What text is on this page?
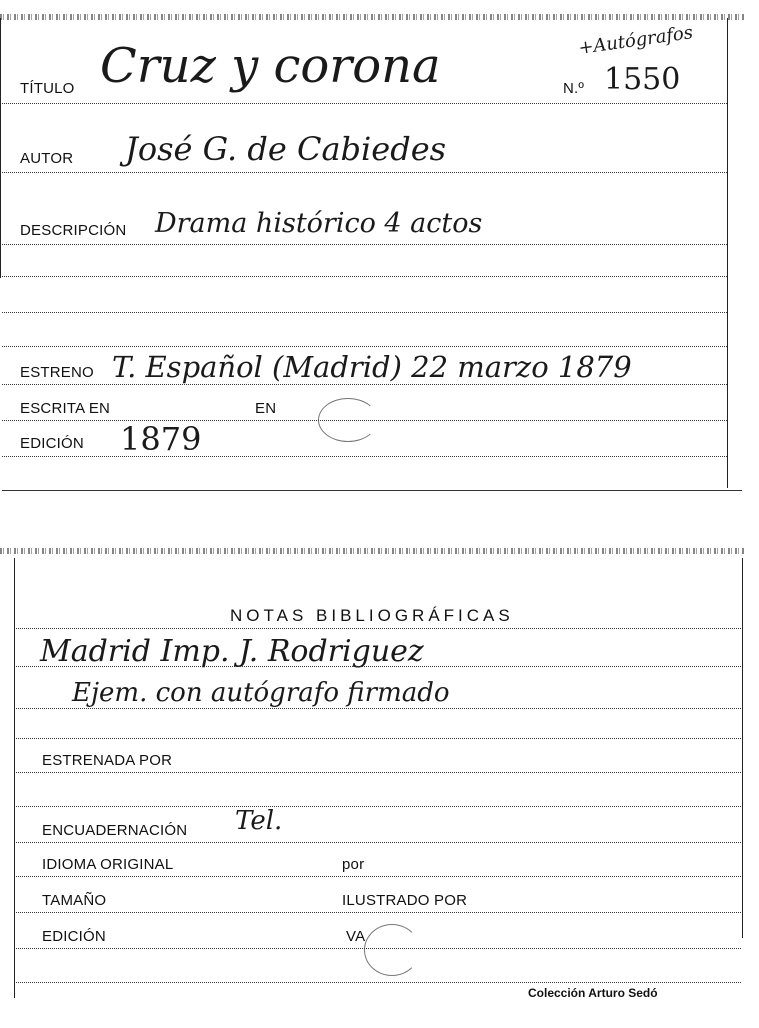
+Autógrafos
TÍTULO Cruz y corona	N.º 1550
AUTOR José G. de Cabiedes
DESCRIPCIÓN Drama histórico 4 actos
ESTRENO T. Español (Madrid) 22 marzo 1879
ESCRITA EN	EN
EDICIÓN 1879
NOTAS BIBLIOGRÁFICAS
Madrid Imp. J. Rodriguez
Ejem. con autógrafo firmado
ESTRENADA POR
ENCUADERNACIÓN Tel.
IDIOMA ORIGINAL	por
TAMAÑO	ILUSTRADO POR
EDICIÓN	VA
Colección Arturo Sedó
